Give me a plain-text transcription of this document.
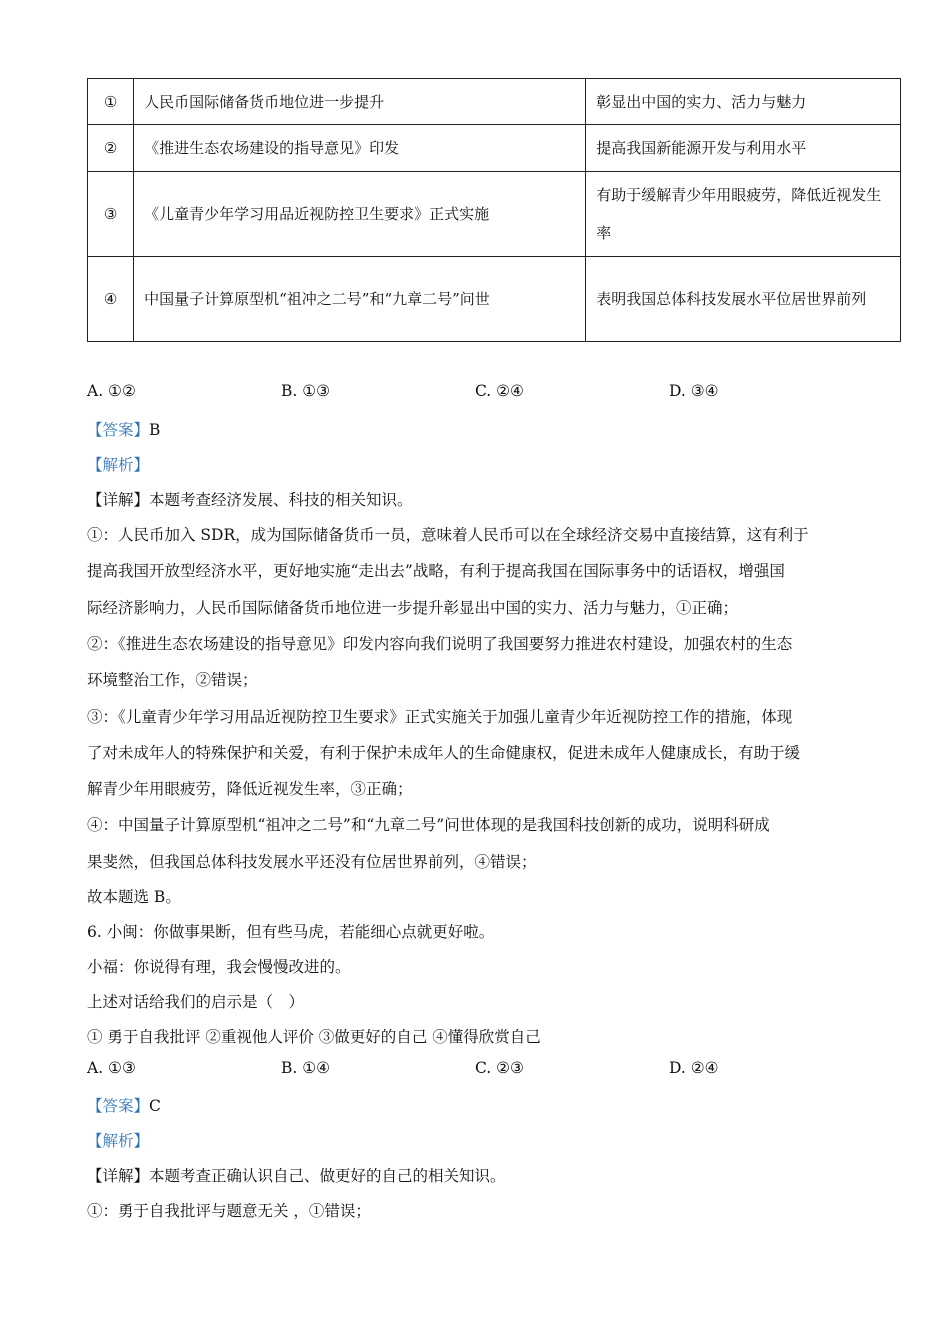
①	人民币国际储备货币地位进一步提升	彰显出中国的实力、活力与魅力
②	《推进生态农场建设的指导意见》印发	提高我国新能源开发与利用水平
③	《儿童青少年学习用品近视防控卫生要求》正式实施	有助于缓解青少年用眼疲劳，降低近视发生率
④	中国量子计算原型机“祖冲之二号”和“九章二号”问世	表明我国总体科技发展水平位居世界前列
A. ①②	B. ①③	C. ②④	D. ③④
【答案】B
【解析】
【详解】本题考查经济发展、科技的相关知识。
①：人民币加入 SDR，成为国际储备货币一员，意味着人民币可以在全球经济交易中直接结算，这有利于
提高我国开放型经济水平，更好地实施“走出去”战略，有利于提高我国在国际事务中的话语权，增强国
际经济影响力，人民币国际储备货币地位进一步提升彰显出中国的实力、活力与魅力，①正确；
②：《推进生态农场建设的指导意见》印发内容向我们说明了我国要努力推进农村建设，加强农村的生态
环境整治工作，②错误；
③：《儿童青少年学习用品近视防控卫生要求》正式实施关于加强儿童青少年近视防控工作的措施，体现
了对未成年人的特殊保护和关爱，有利于保护未成年人的生命健康权，促进未成年人健康成长，有助于缓
解青少年用眼疲劳，降低近视发生率，③正确；
④：中国量子计算原型机“祖冲之二号”和“九章二号”问世体现的是我国科技创新的成功，说明科研成
果斐然，但我国总体科技发展水平还没有位居世界前列，④错误；
故本题选 B。
6. 小闽：你做事果断，但有些马虎，若能细心点就更好啦。
小福：你说得有理，我会慢慢改进的。
上述对话给我们的启示是（　）
① 勇于自我批评 ②重视他人评价 ③做更好的自己 ④懂得欣赏自己
A. ①③	B. ①④	C. ②③	D. ②④
【答案】C
【解析】
【详解】本题考查正确认识自己、做更好的自己的相关知识。
①：勇于自我批评与题意无关 ，①错误；
